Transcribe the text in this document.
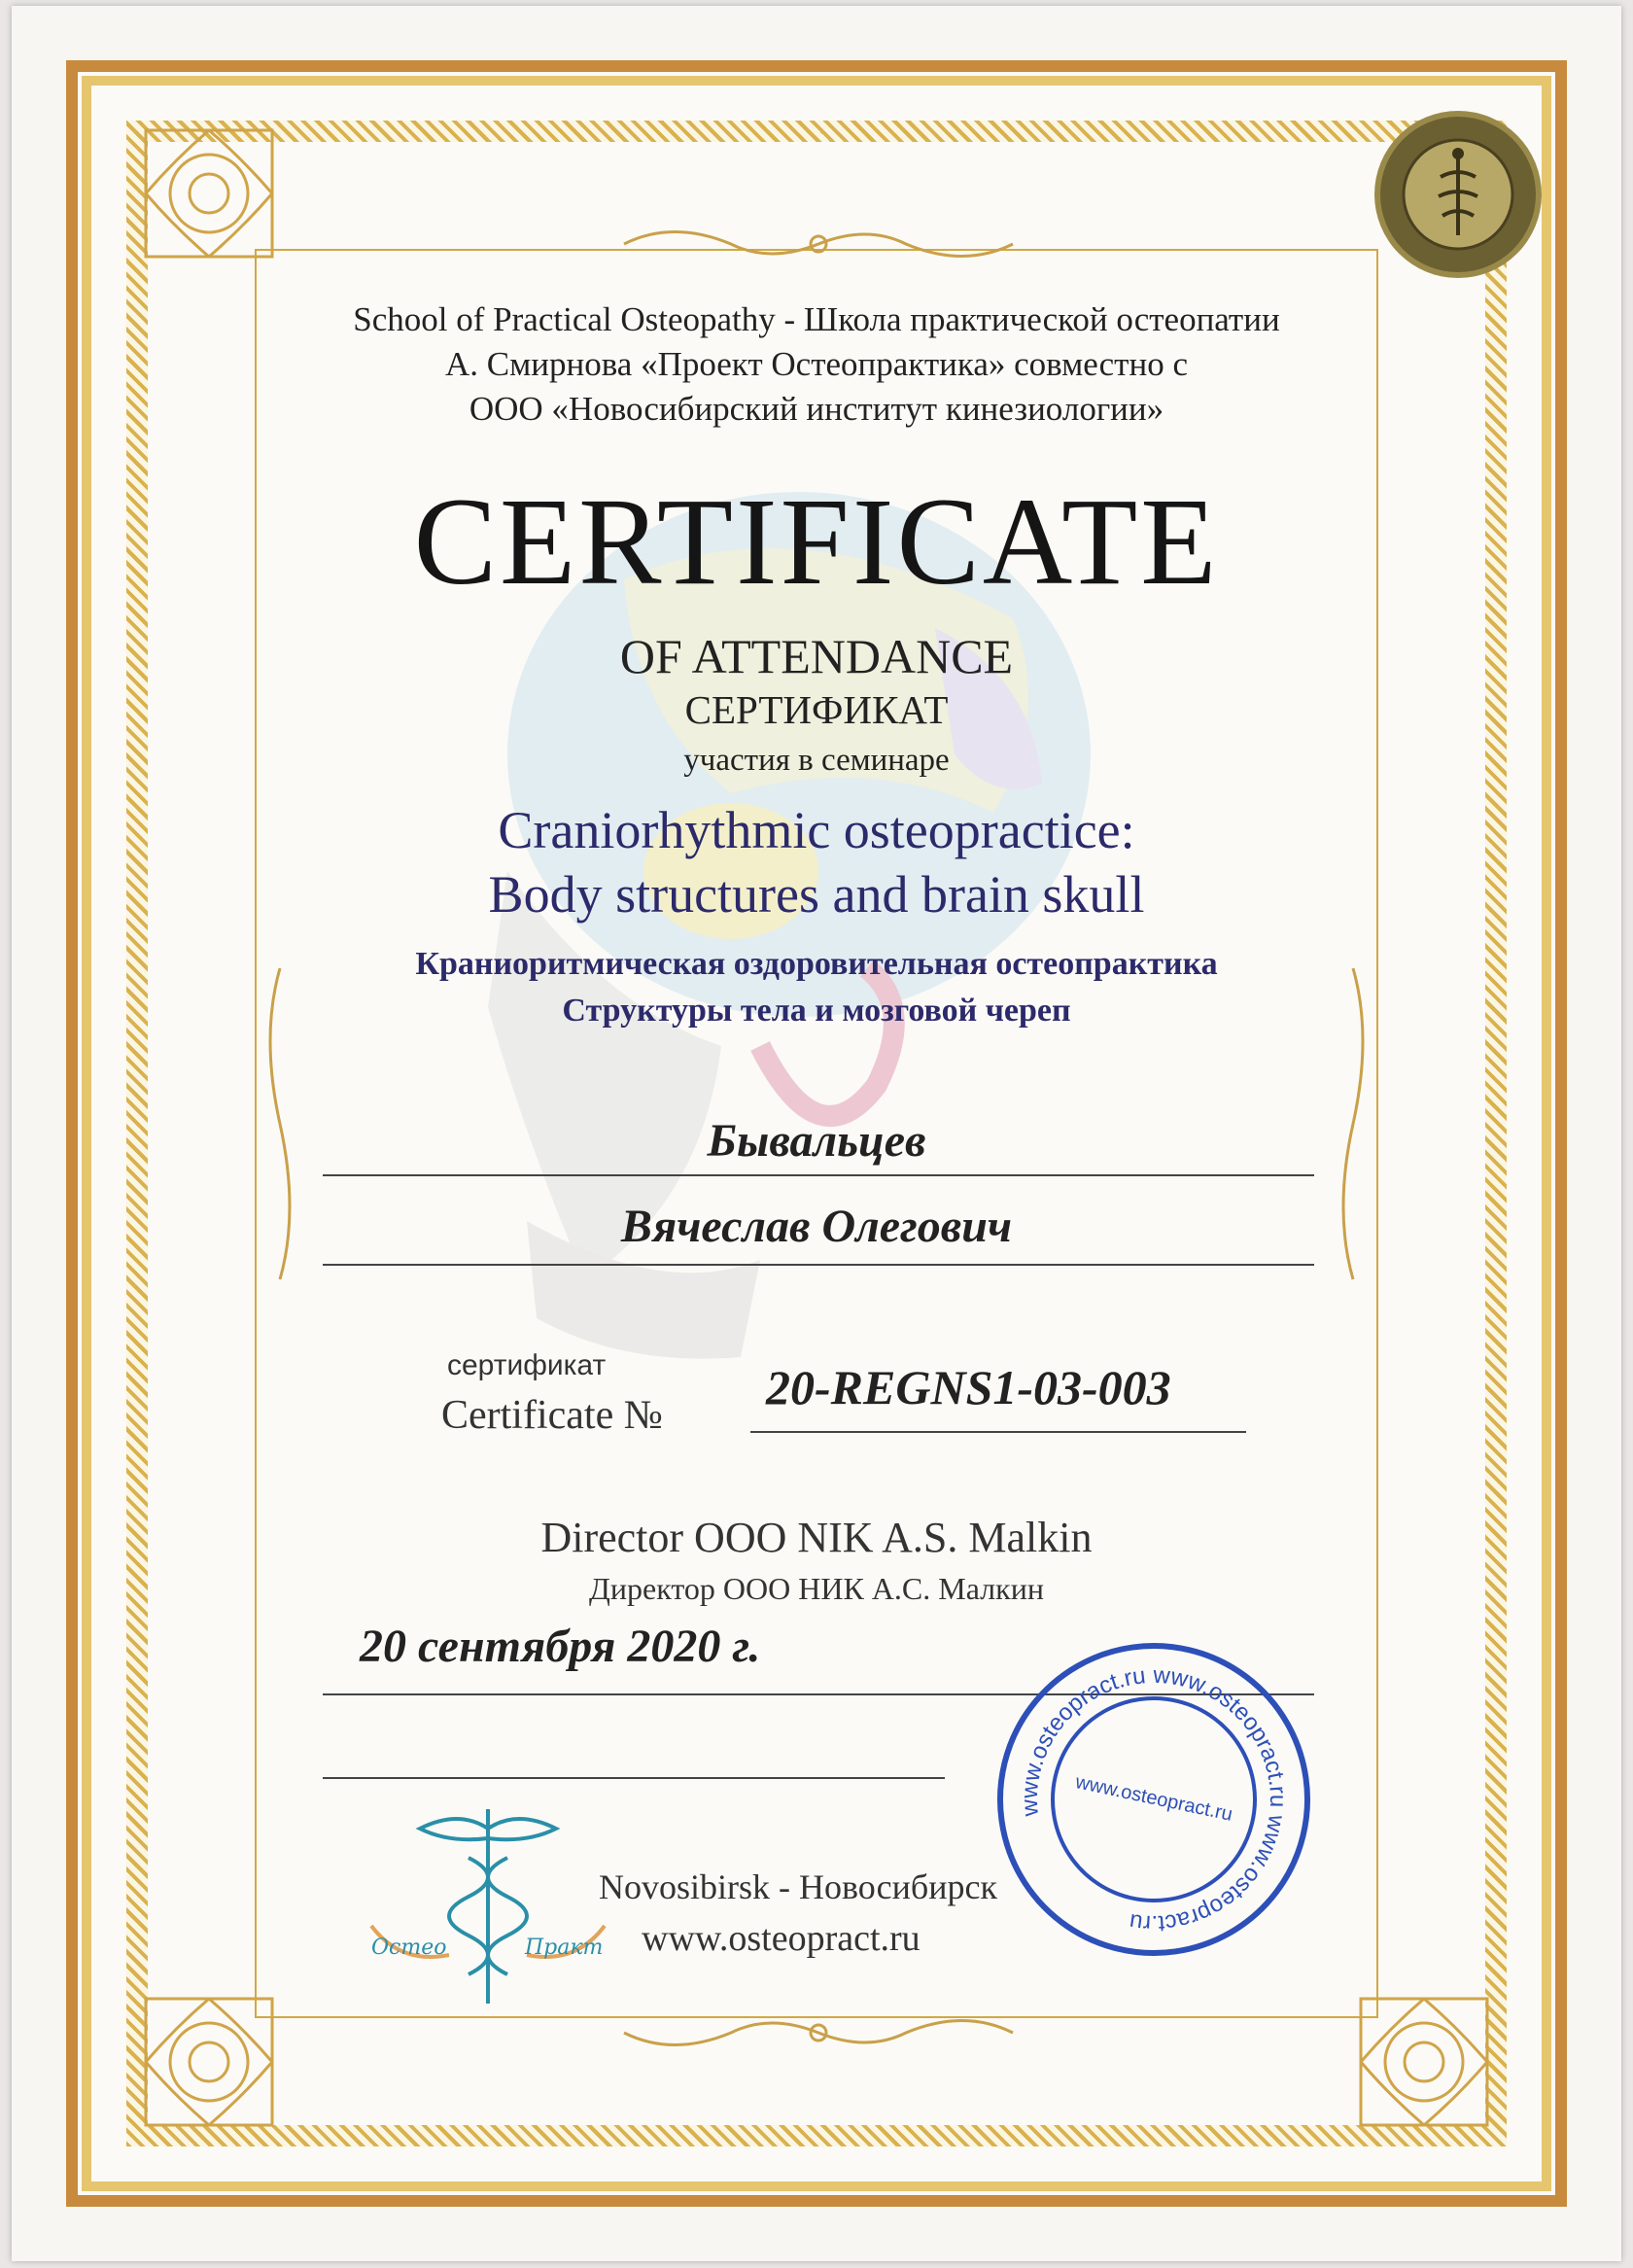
School of Practical Osteopathy - Школа практической остеопатии
А. Смирнова «Проект Остеопрактика» совместно с
ООО «Новосибирский институт кинезиологии»
CERTIFICATE
OF ATTENDANCE
СЕРТИФИКАТ
участия в семинаре
Craniorhythmic osteopractice:
Body structures and brain skull
Краниоритмическая оздоровительная остеопрактика
Структуры тела и мозговой череп
Бывальцев
Вячеслав Олегович
сертификат
Certificate №
20-REGNS1-03-003
Director OOO NIK A.S. Malkin
Директор ООО НИК А.С. Малкин
20 сентября 2020 г.
Остео	Практ
Novosibirsk - Новосибирск
www.osteopract.ru
www.osteopract.ru www.osteopract.ru www.osteopract.ru
www.osteopract.ru
